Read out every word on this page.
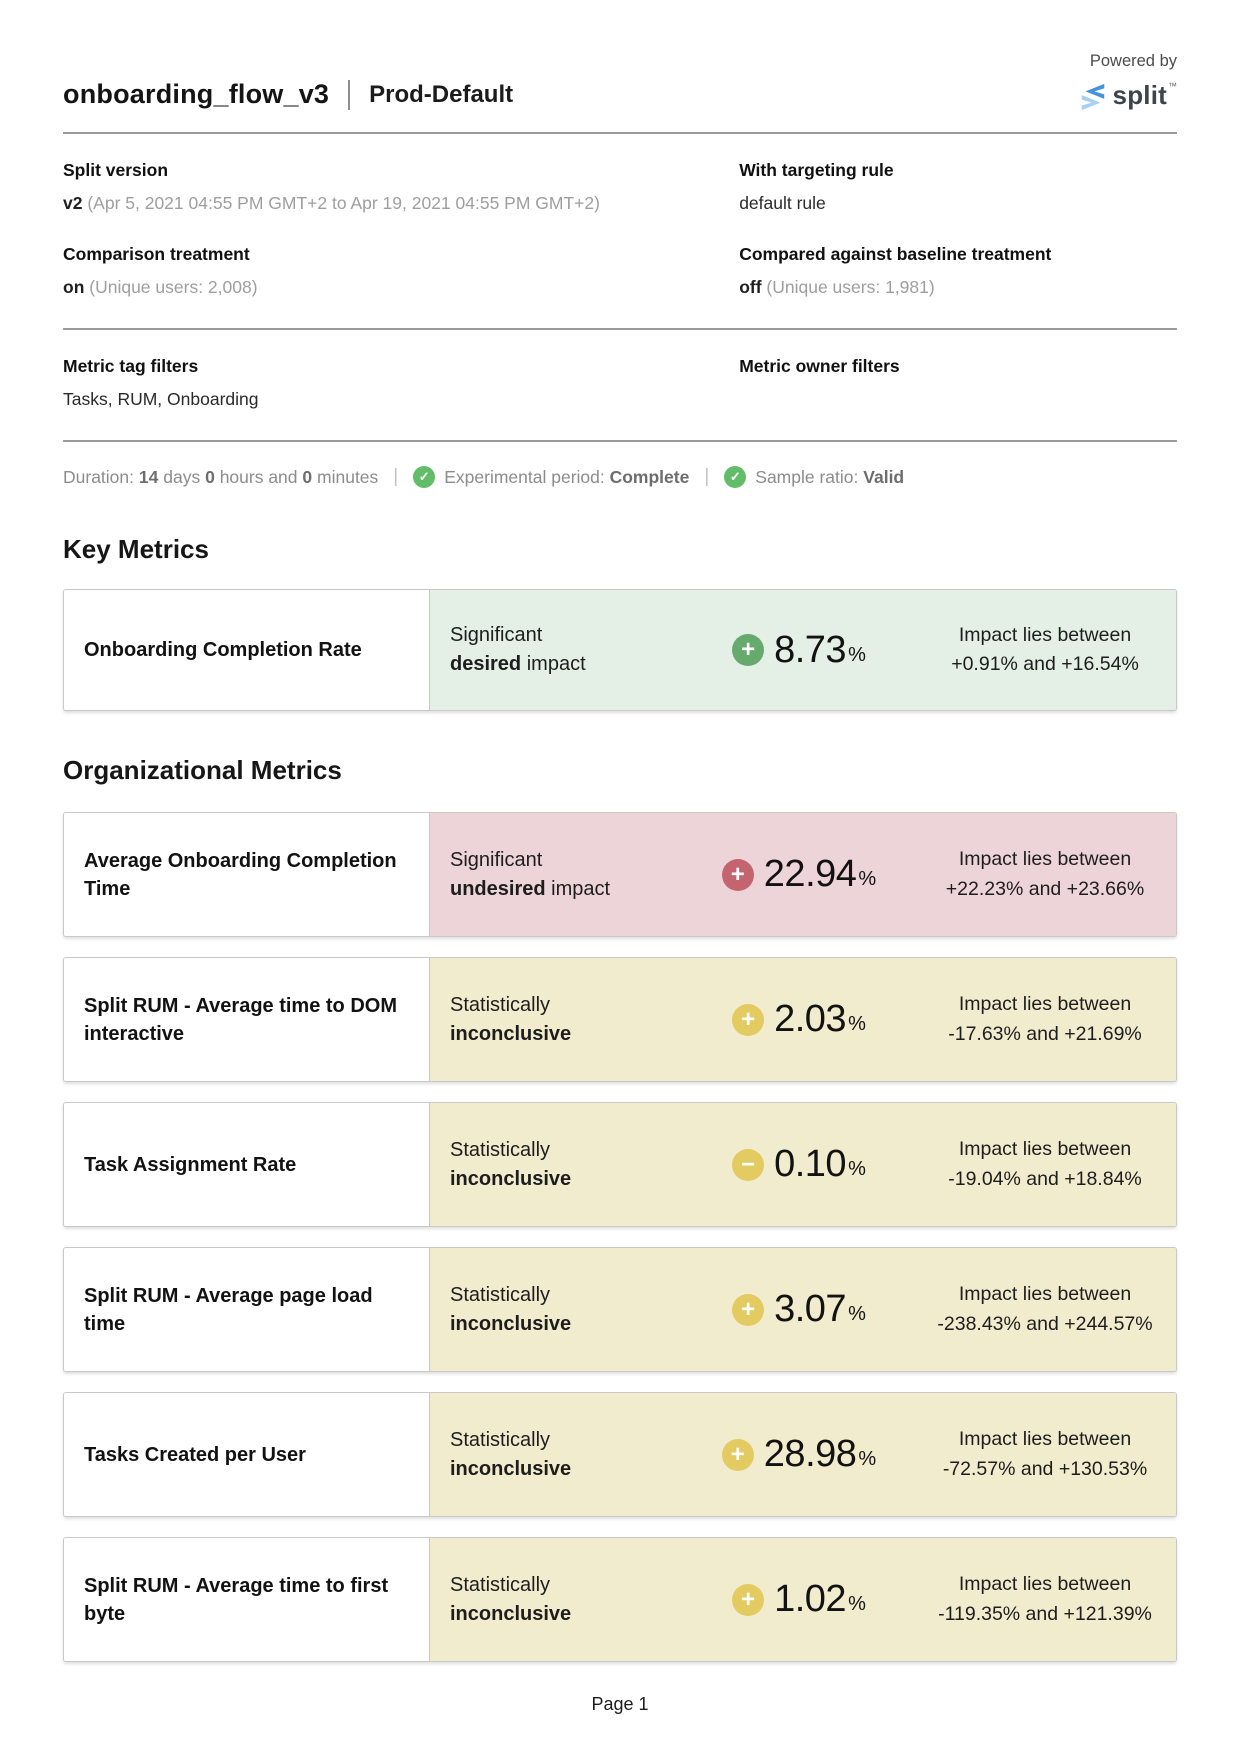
onboarding_flow_v3 Prod-Default
Powered by
split ™
Split version
v2 (Apr 5, 2021 04:55 PM GMT+2 to Apr 19, 2021 04:55 PM GMT+2)
With targeting rule
default rule
Comparison treatment
on (Unique users: 2,008)
Compared against baseline treatment
off (Unique users: 1,981)
Metric tag filters
Tasks, RUM, Onboarding
Metric owner filters
Duration:
14
days
0
hours and
0
minutes |	✓ Experimental period:
Complete |	✓ Sample ratio:
Valid
Key Metrics
Onboarding Completion Rate
Significant
desired impact
+ 8.73 %
Impact lies between
+0.91% and +16.54%
Organizational Metrics
Average Onboarding Completion Time
Significant
undesired impact
+ 22.94 %
Impact lies between
+22.23% and +23.66%
Split RUM - Average time to DOM interactive
Statistically
inconclusive
+ 2.03 %
Impact lies between
-17.63% and +21.69%
Task Assignment Rate
Statistically
inconclusive
− 0.10 %
Impact lies between
-19.04% and +18.84%
Split RUM - Average page load time
Statistically
inconclusive
+ 3.07 %
Impact lies between
-238.43% and +244.57%
Tasks Created per User
Statistically
inconclusive
+ 28.98 %
Impact lies between
-72.57% and +130.53%
Split RUM - Average time to first byte
Statistically
inconclusive
+ 1.02 %
Impact lies between
-119.35% and +121.39%
Page 1
